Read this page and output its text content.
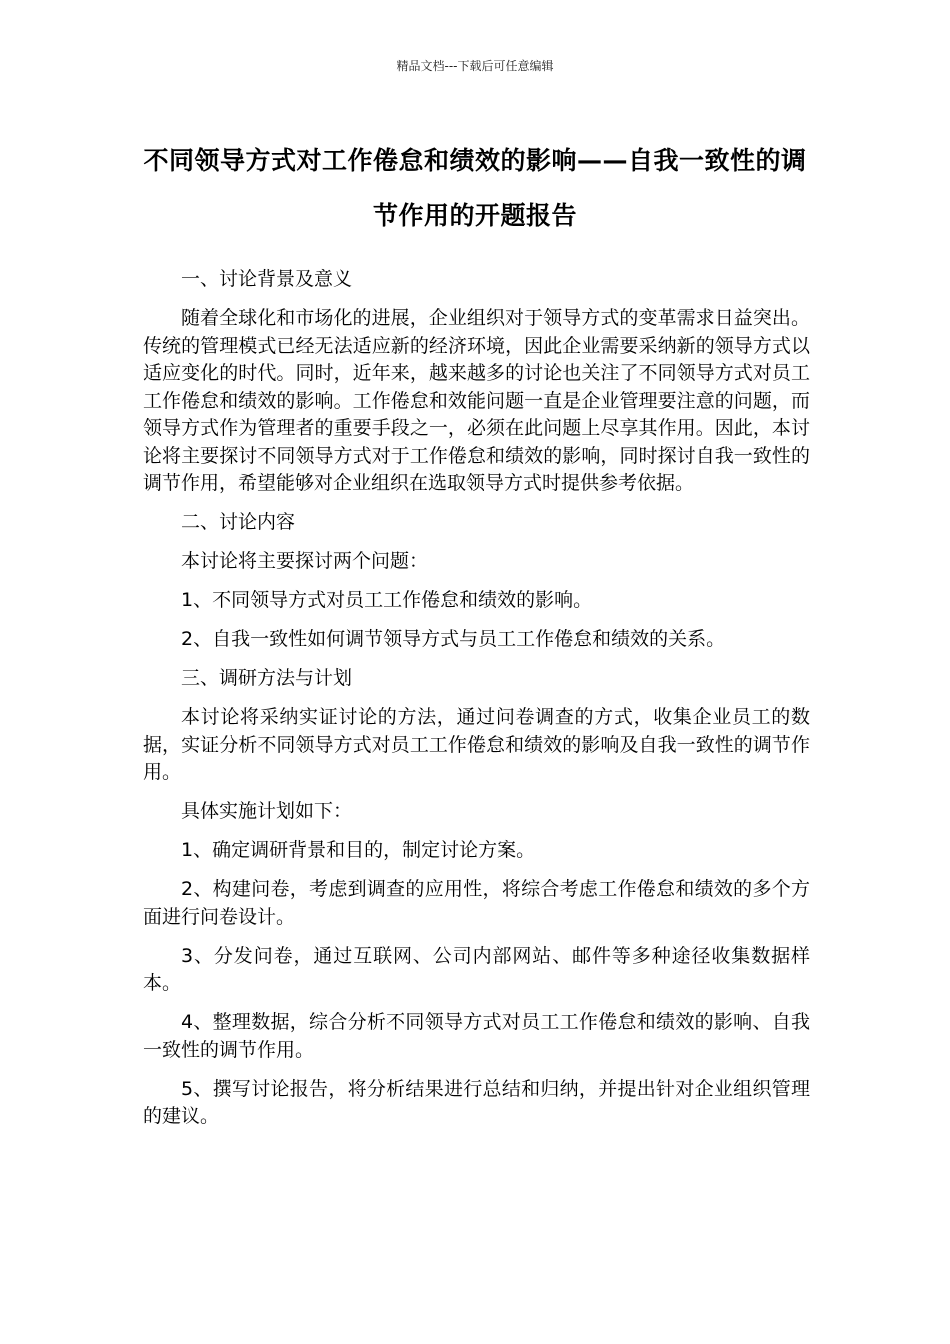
精品文档---下载后可任意编辑
不同领导方式对工作倦怠和绩效的影响——自我一致性的调节作用的开题报告

一、讨论背景及意义

随着全球化和市场化的进展，企业组织对于领导方式的变革需求日益突出。传统的管理模式已经无法适应新的经济环境，因此企业需要采纳新的领导方式以适应变化的时代。同时，近年来，越来越多的讨论也关注了不同领导方式对员工工作倦怠和绩效的影响。工作倦怠和效能问题一直是企业管理要注意的问题，而领导方式作为管理者的重要手段之一，必须在此问题上尽享其作用。因此，本讨论将主要探讨不同领导方式对于工作倦怠和绩效的影响，同时探讨自我一致性的调节作用，希望能够对企业组织在选取领导方式时提供参考依据。

二、讨论内容

本讨论将主要探讨两个问题：

1、不同领导方式对员工工作倦怠和绩效的影响。

2、自我一致性如何调节领导方式与员工工作倦怠和绩效的关系。

三、调研方法与计划

本讨论将采纳实证讨论的方法，通过问卷调查的方式，收集企业员工的数据，实证分析不同领导方式对员工工作倦怠和绩效的影响及自我一致性的调节作用。

具体实施计划如下：

1、确定调研背景和目的，制定讨论方案。

2、构建问卷，考虑到调查的应用性，将综合考虑工作倦怠和绩效的多个方面进行问卷设计。

3、分发问卷，通过互联网、公司内部网站、邮件等多种途径收集数据样本。

4、整理数据，综合分析不同领导方式对员工工作倦怠和绩效的影响、自我一致性的调节作用。

5、撰写讨论报告，将分析结果进行总结和归纳，并提出针对企业组织管理的建议。
